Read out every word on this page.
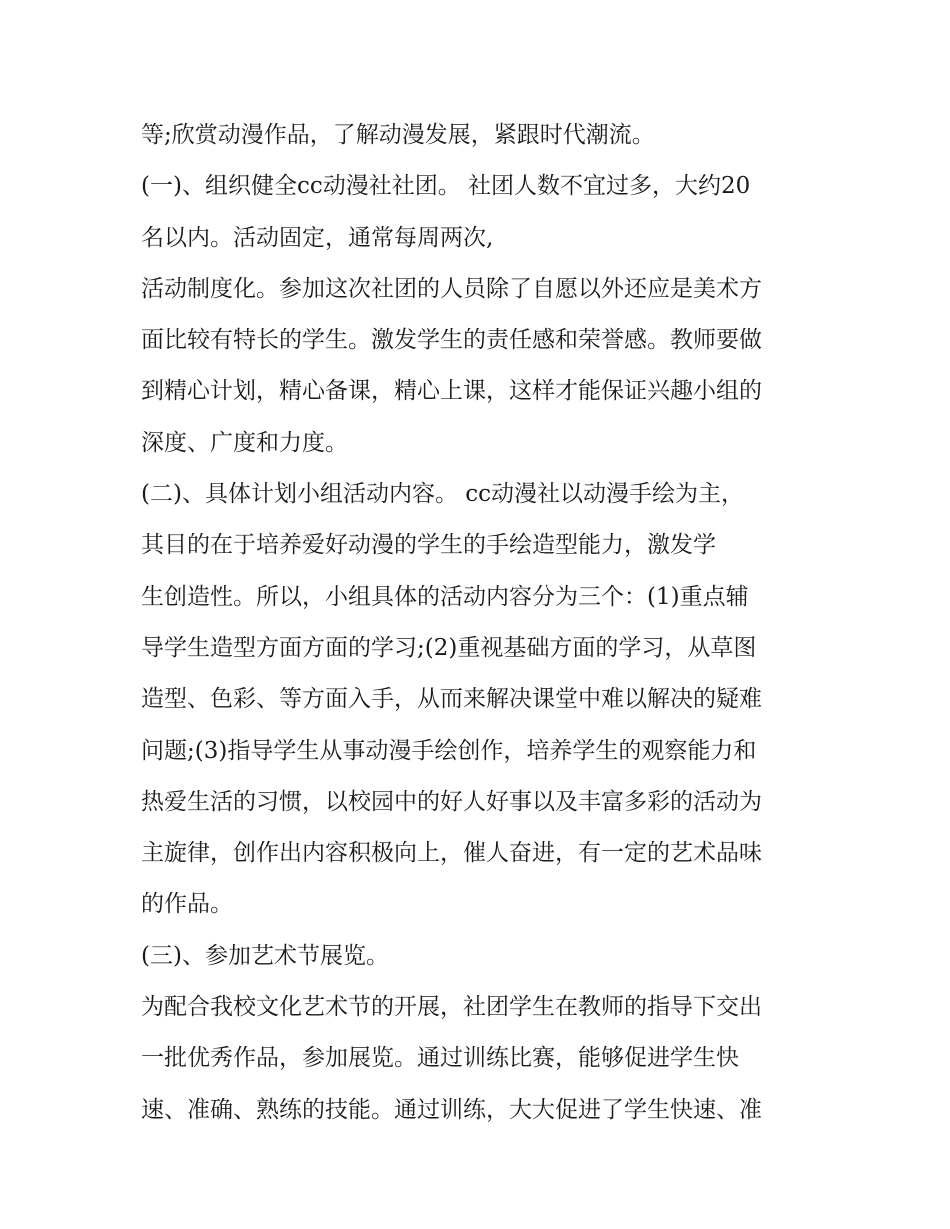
等;欣赏动漫作品，了解动漫发展，紧跟时代潮流。
(一)、组织健全cc动漫社社团。 社团人数不宜过多，大约20
名以内。活动固定，通常每周两次,
活动制度化。参加这次社团的人员除了自愿以外还应是美术方
面比较有特长的学生。激发学生的责任感和荣誉感。教师要做
到精心计划，精心备课，精心上课，这样才能保证兴趣小组的
深度、广度和力度。
(二)、具体计划小组活动内容。 cc动漫社以动漫手绘为主，
其目的在于培养爱好动漫的学生的手绘造型能力，激发学
生创造性。所以，小组具体的活动内容分为三个：(1)重点辅
导学生造型方面方面的学习;(2)重视基础方面的学习，从草图
造型、色彩、等方面入手，从而来解决课堂中难以解决的疑难
问题;(3)指导学生从事动漫手绘创作，培养学生的观察能力和
热爱生活的习惯，以校园中的好人好事以及丰富多彩的活动为
主旋律，创作出内容积极向上，催人奋进，有一定的艺术品味
的作品。
(三)、参加艺术节展览。
为配合我校文化艺术节的开展，社团学生在教师的指导下交出
一批优秀作品，参加展览。通过训练比赛，能够促进学生快
速、准确、熟练的技能。通过训练，大大促进了学生快速、准
